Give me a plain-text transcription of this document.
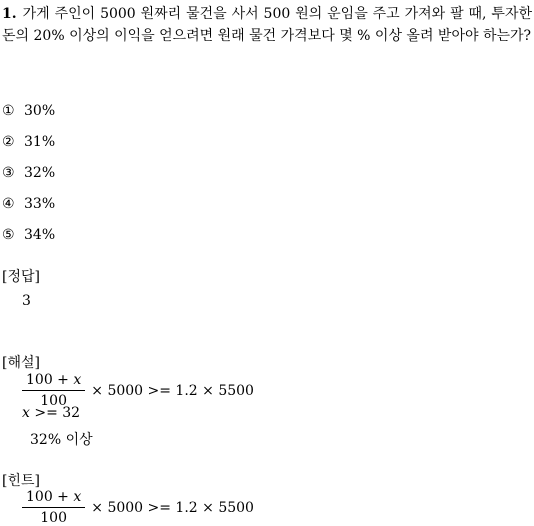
1. 가게 주인이 5000 원짜리 물건을 사서 500 원의 운임을 주고 가져와 팔 때, 투자한 돈의 20% 이상의 이익을 얻으려면 원래 물건 가격보다 몇 % 이상 올려 받아야 하는가?
① 30%
② 31%
③ 32%
④ 33%
⑤ 34%
[정답]
3
[해설]
$\frac{100 + x}{100} \times 5000 >= 1.2 \times 5500$
x >= 32
32% 이상
[힌트]
$\frac{100 + x}{100} \times 5000 >= 1.2 \times 5500$
